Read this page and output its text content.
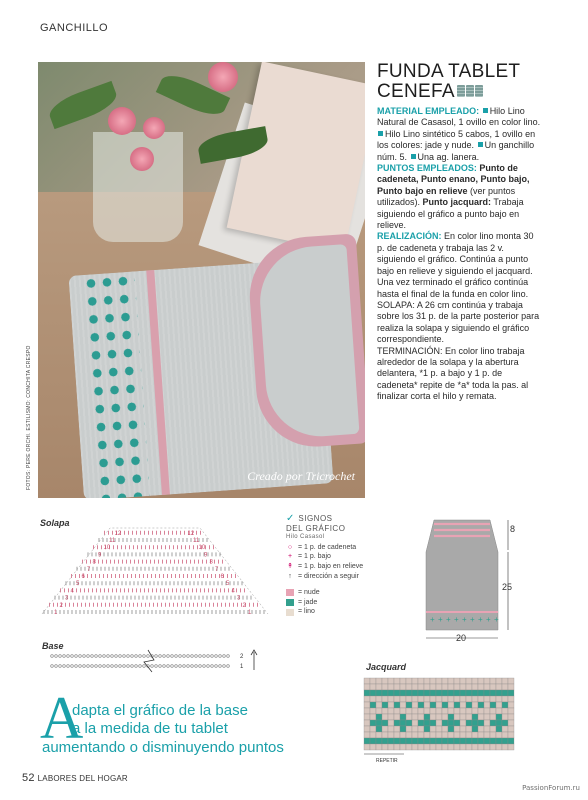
GANCHILLO
Creado por Tricrochet
FOTOS: PERE ORCHI. ESTILISMO: CONCHITA CRESPO
FUNDA TABLET
CENEFA

MATERIAL EMPLEADO: Hilo Lino Natural de Casasol, 1 ovillo en color lino. Hilo Lino sintético 5 cabos, 1 ovillo en los colores: jade y nude. Un ganchillo núm. 5. Una ag. lanera.

PUNTOS EMPLEADOS: Punto de cadeneta, Punto enano, Punto bajo, Punto bajo en relieve (ver puntos utilizados). Punto jacquard: Trabaja siguiendo el gráfico a punto bajo en relieve.

REALIZACIÓN: En color lino monta 30 p. de cadeneta y trabaja las 2 v. siguiendo el gráfico. Continúa a punto bajo en relieve y siguiendo el jacquard. Una vez terminado el gráfico continúa hasta el final de la funda en color lino.

SOLAPA: A 26 cm continúa y trabaja sobre los 31 p. de la parte posterior para realiza la solapa y siguiendo el gráfico correspondiente.

TERMINACIÓN: En color lino trabaja alrededor de la solapa y la abertura delantera, *1 p. a bajo y 1 p. de cadeneta* repite de *a* toda la pas. al finalizar corta el hilo y remata.

Solapa
1	1
2	2
3	3
4	4
5	5
6	6
7	7
8	8
9	9
10	10
11	11
12	12
Base
2
1
✓ SIGNOS
DEL GRÁFICO
Hilo Casasol
○ = 1 p. de cadeneta
+ = 1 p. bajo
↟ = 1 p. bajo en relieve
↑ = dirección a seguir
= nude
= jade
= lino
+ + + + + + + + +
8
25
20
Jacquard
REPETIR
A
dapta el gráfico de la base
a la medida de tu tablet
aumentando o disminuyendo puntos
52 LABORES DEL HOGAR
PassionForum.ru
